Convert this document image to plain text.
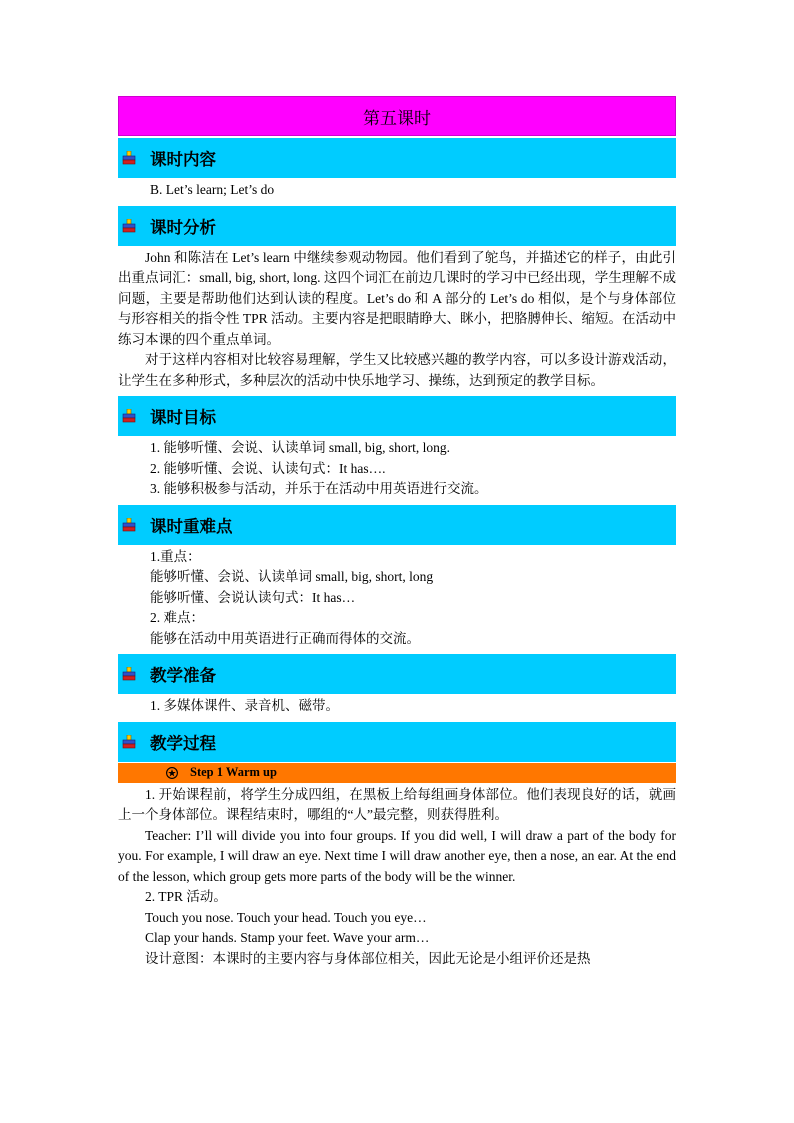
第五课时
课时内容

B. Let’s learn; Let’s do

课时分析

John 和陈洁在 Let’s learn 中继续参观动物园。他们看到了鸵鸟，并描述它的样子，由此引出重点词汇：small, big, short, long. 这四个词汇在前边几课时的学习中已经出现，学生理解不成问题，主要是帮助他们达到认读的程度。Let’s do 和 A 部分的 Let’s do 相似，是个与身体部位与形容相关的指令性 TPR 活动。主要内容是把眼睛睁大、眯小，把胳膊伸长、缩短。在活动中练习本课的四个重点单词。

对于这样内容相对比较容易理解，学生又比较感兴趣的教学内容，可以多设计游戏活动，让学生在多种形式，多种层次的活动中快乐地学习、操练，达到预定的教学目标。

课时目标

1. 能够听懂、会说、认读单词 small, big, short, long.

2. 能够听懂、会说、认读句式：It has….

3. 能够积极参与活动，并乐于在活动中用英语进行交流。

课时重难点

1.重点：

能够听懂、会说、认读单词 small, big, short, long

能够听懂、会说认读句式：It has…

2. 难点：

能够在活动中用英语进行正确而得体的交流。

教学准备

1. 多媒体课件、录音机、磁带。

教学过程
Step 1 Warm up

1. 开始课程前，将学生分成四组，在黑板上给每组画身体部位。他们表现良好的话，就画上一个身体部位。课程结束时，哪组的“人”最完整，则获得胜利。

Teacher: I’ll will divide you into four groups. If you did well, I will draw a part of the body for you. For example, I will draw an eye. Next time I will draw another eye, then a nose, an ear. At the end of the lesson, which group gets more parts of the body will be the winner.

2. TPR 活动。

Touch you nose. Touch your head. Touch you eye…

Clap your hands. Stamp your feet. Wave your arm…

设计意图：本课时的主要内容与身体部位相关，因此无论是小组评价还是热
